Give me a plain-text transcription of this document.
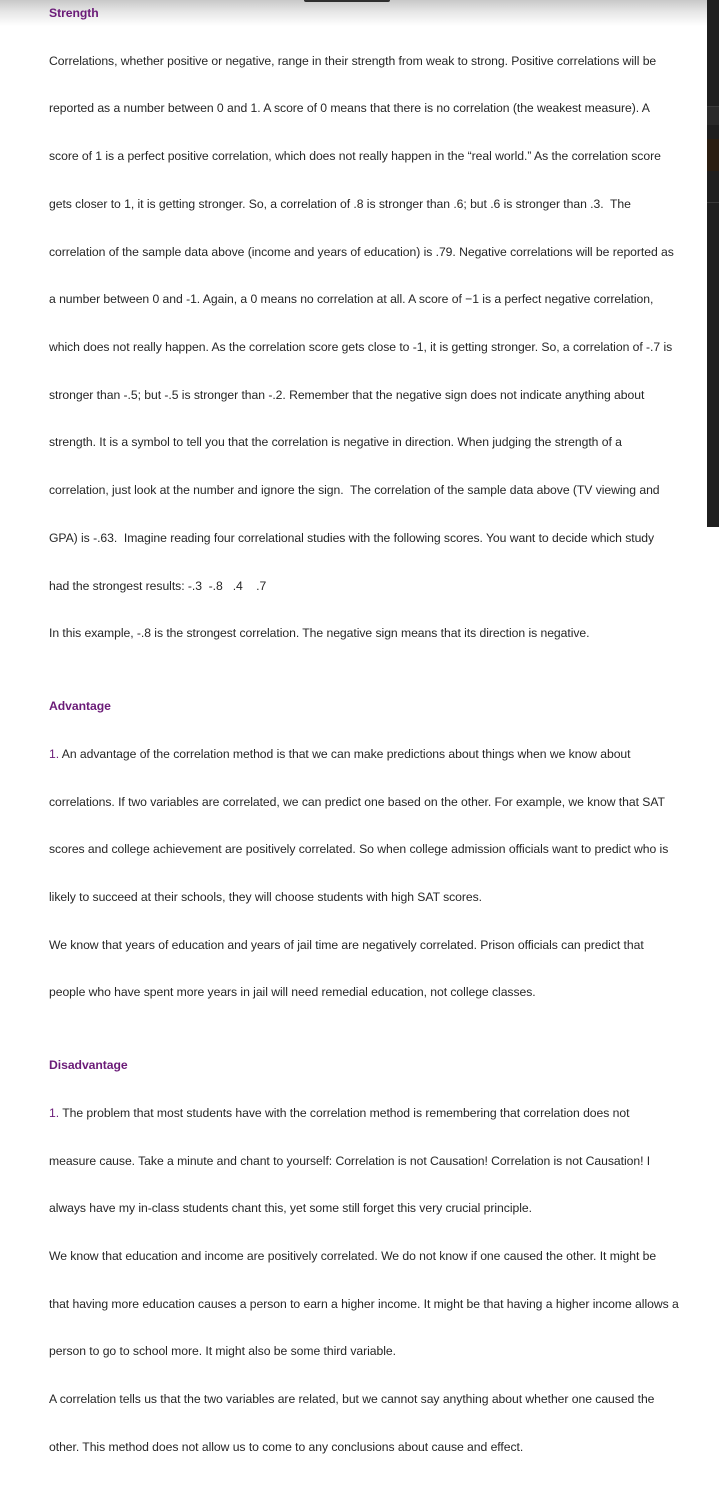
Strength

Correlations, whether positive or negative, range in their strength from weak to strong. Positive correlations will be

reported as a number between 0 and 1. A score of 0 means that there is no correlation (the weakest measure). A

score of 1 is a perfect positive correlation, which does not really happen in the “real world.” As the correlation score

gets closer to 1, it is getting stronger. So, a correlation of .8 is stronger than .6; but .6 is stronger than .3.  The

correlation of the sample data above (income and years of education) is .79. Negative correlations will be reported as

a number between 0 and -1. Again, a 0 means no correlation at all. A score of −1 is a perfect negative correlation,

which does not really happen. As the correlation score gets close to -1, it is getting stronger. So, a correlation of -.7 is

stronger than -.5; but -.5 is stronger than -.2. Remember that the negative sign does not indicate anything about

strength. It is a symbol to tell you that the correlation is negative in direction. When judging the strength of a

correlation, just look at the number and ignore the sign.  The correlation of the sample data above (TV viewing and

GPA) is -.63.  Imagine reading four correlational studies with the following scores. You want to decide which study

had the strongest results: -.3  -.8   .4    .7

In this example, -.8 is the strongest correlation. The negative sign means that its direction is negative.

Advantage

1. An advantage of the correlation method is that we can make predictions about things when we know about

correlations. If two variables are correlated, we can predict one based on the other. For example, we know that SAT

scores and college achievement are positively correlated. So when college admission officials want to predict who is

likely to succeed at their schools, they will choose students with high SAT scores.

We know that years of education and years of jail time are negatively correlated. Prison officials can predict that

people who have spent more years in jail will need remedial education, not college classes.

Disadvantage

1. The problem that most students have with the correlation method is remembering that correlation does not

measure cause. Take a minute and chant to yourself: Correlation is not Causation! Correlation is not Causation! I

always have my in-class students chant this, yet some still forget this very crucial principle.

We know that education and income are positively correlated. We do not know if one caused the other. It might be

that having more education causes a person to earn a higher income. It might be that having a higher income allows a

person to go to school more. It might also be some third variable.

A correlation tells us that the two variables are related, but we cannot say anything about whether one caused the

other. This method does not allow us to come to any conclusions about cause and effect.
